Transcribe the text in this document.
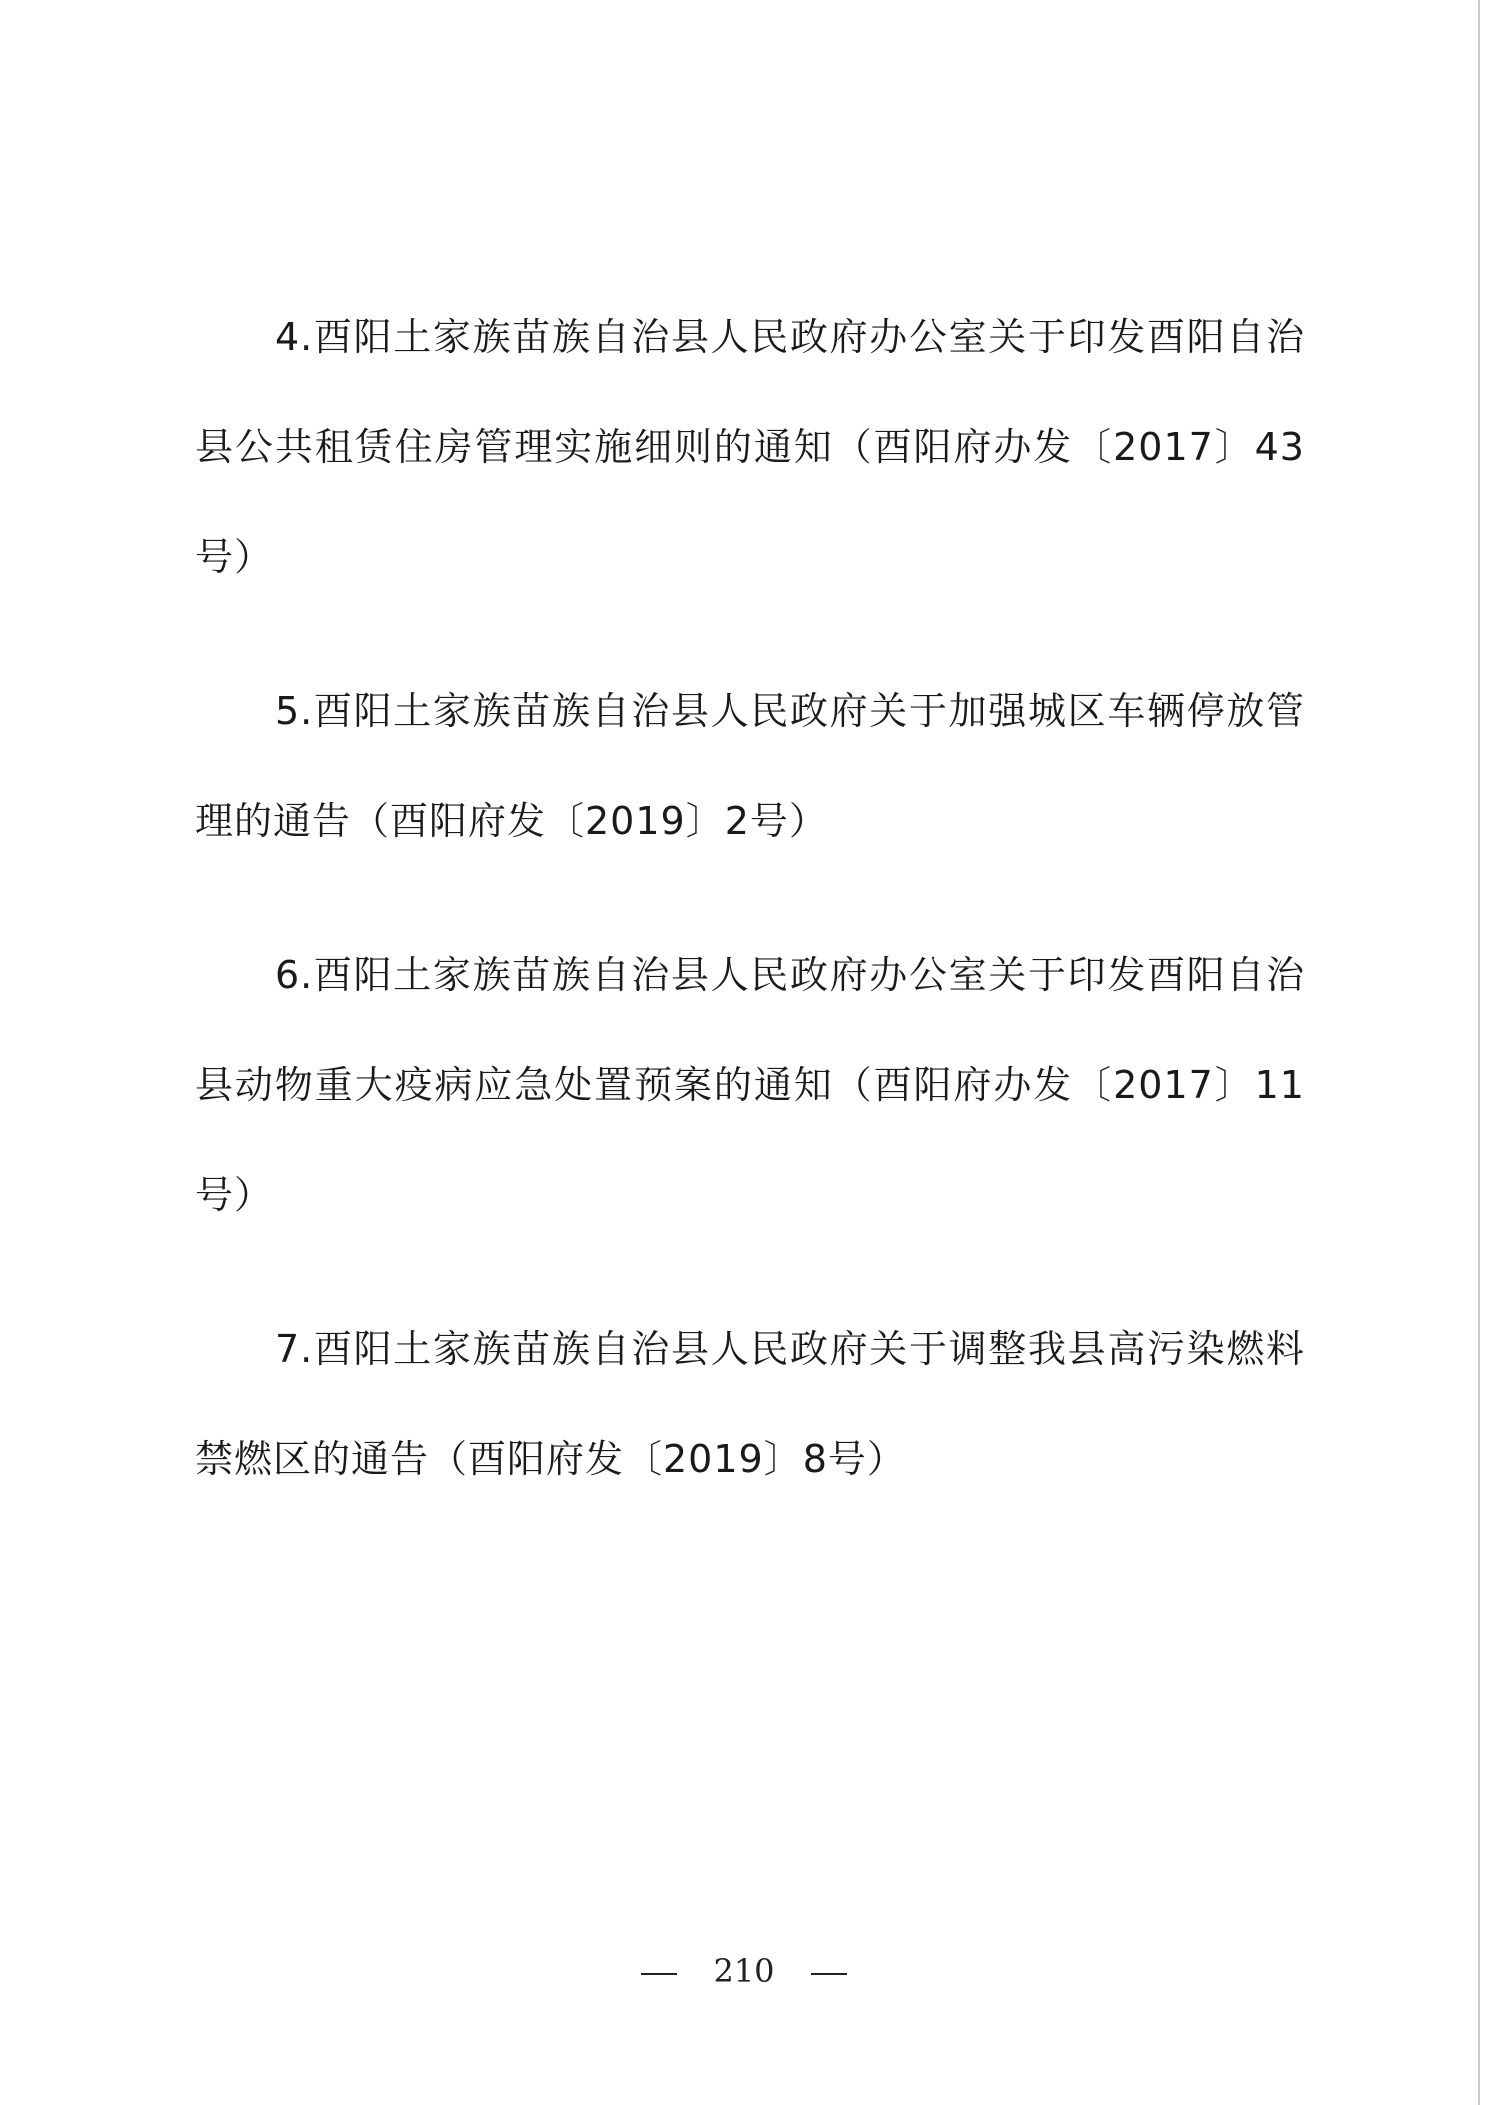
4.酉阳土家族苗族自治县人民政府办公室关于印发酉阳自治县公共租赁住房管理实施细则的通知（酉阳府办发〔2017〕43号）

5.酉阳土家族苗族自治县人民政府关于加强城区车辆停放管理的通告（酉阳府发〔2019〕2号）

6.酉阳土家族苗族自治县人民政府办公室关于印发酉阳自治县动物重大疫病应急处置预案的通知（酉阳府办发〔2017〕11号）

7.酉阳土家族苗族自治县人民政府关于调整我县高污染燃料禁燃区的通告（酉阳府发〔2019〕8号）

210
